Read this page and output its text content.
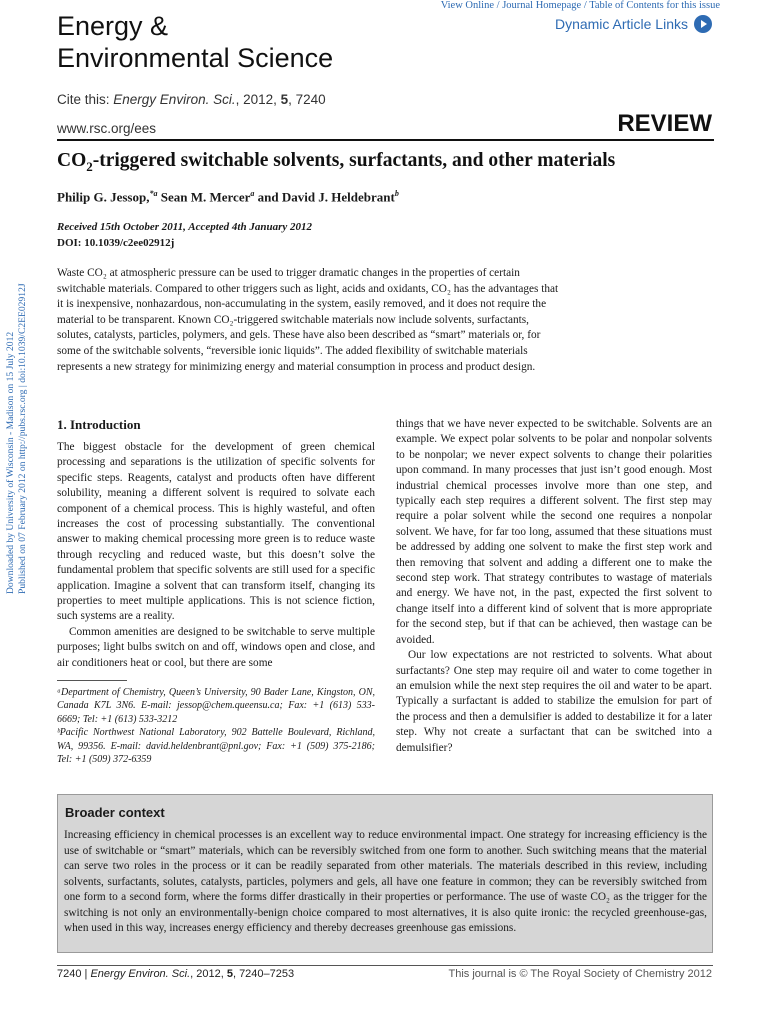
Energy &
Environmental Science
View Online / Journal Homepage / Table of Contents for this issue
Dynamic Article Links
Cite this: Energy Environ. Sci., 2012, 5, 7240
www.rsc.org/ees	REVIEW
$CO_2$-triggered switchable solvents, surfactants, and other materials
Philip G. Jessop,$^{*a}$ Sean M. Mercer$^a$ and David J. Heldebrant$^b$
Received 15th October 2011, Accepted 4th January 2012
DOI: 10.1039/c2ee02912j
Waste CO₂ at atmospheric pressure can be used to trigger dramatic changes in the properties of certain switchable materials. Compared to other triggers such as light, acids and oxidants, CO₂ has the advantages that it is inexpensive, nonhazardous, non-accumulating in the system, easily removed, and it does not require the material to be transparent. Known CO₂-triggered switchable materials now include solvents, surfactants, solutes, catalysts, particles, polymers, and gels. These have also been described as “smart” materials or, for some of the switchable solvents, “reversible ionic liquids”. The added flexibility of switchable materials represents a new strategy for minimizing energy and material consumption in process and product design.
Downloaded by University of Wisconsin - Madison on 15 July 2012 Published on 07 February 2012 on http://pubs.rsc.org | doi:10.1039/C2EE02912J 1. Introduction

The biggest obstacle for the development of green chemical processing and separations is the utilization of specific solvents for specific steps. Reagents, catalyst and products often have different solubility, meaning a different solvent is required to solvate each component of a chemical process. This is highly wasteful, and often increases the cost of processing substantially. The conventional answer to making chemical processing more green is to reduce waste through recycling and reduced waste, but this doesn’t solve the fundamental problem that specific solvents are still used for a specific application. Imagine a solvent that can transform itself, changing its properties to meet multiple applications. This is not science fiction, such systems are a reality.

Common amenities are designed to be switchable to serve multiple purposes; light bulbs switch on and off, windows open and close, and air conditioners heat or cool, but there are some

ᵃDepartment of Chemistry, Queen’s University, 90 Bader Lane, Kingston, ON, Canada K7L 3N6. E-mail: jessop@chem.queensu.ca; Fax: +1 (613) 533-6669; Tel: +1 (613) 533-3212

ᵇPacific Northwest National Laboratory, 902 Battelle Boulevard, Richland, WA, 99356. E-mail: david.heldenbrant@pnl.gov; Fax: +1 (509) 375-2186; Tel: +1 (509) 372-6359

things that we have never expected to be switchable. Solvents are an example. We expect polar solvents to be polar and nonpolar solvents to be nonpolar; we never expect solvents to change their polarities upon command. In many processes that just isn’t good enough. Most industrial chemical processes involve more than one step, and typically each step requires a different solvent. The first step may require a polar solvent while the second one requires a nonpolar solvent. We have, for far too long, assumed that these situations must be addressed by adding one solvent to make the first step work and then removing that solvent and adding a different one to make the second step work. That strategy contributes to wastage of materials and energy. We have not, in the past, expected the first solvent to change itself into a different kind of solvent that is more appropriate for the second step, but if that can be achieved, then wastage can be avoided.

Our low expectations are not restricted to solvents. What about surfactants? One step may require oil and water to come together in an emulsion while the next step requires the oil and water to be apart. Typically a surfactant is added to stabilize the emulsion for part of the process and then a demulsifier is added to destabilize it for a later step. Why not create a surfactant that can be switched into a demulsifier?

Broader context
Increasing efficiency in chemical processes is an excellent way to reduce environmental impact. One strategy for increasing efficiency is the use of switchable or “smart” materials, which can be reversibly switched from one form to another. Such switching means that the material can serve two roles in the process or it can be readily separated from other materials. The materials described in this review, including solvents, surfactants, solutes, catalysts, particles, polymers and gels, all have one feature in common; they can be reversibly switched from one form to a second form, where the forms differ drastically in their properties or performance. The use of waste CO₂ as the trigger for the switching is not only an environmentally-benign choice compared to most alternatives, it is also quite ironic: the recycled greenhouse-gas, when used in this way, increases energy efficiency and thereby decreases greenhouse gas emissions.
7240 | Energy Environ. Sci., 2012, 5, 7240–7253	This journal is © The Royal Society of Chemistry 2012
